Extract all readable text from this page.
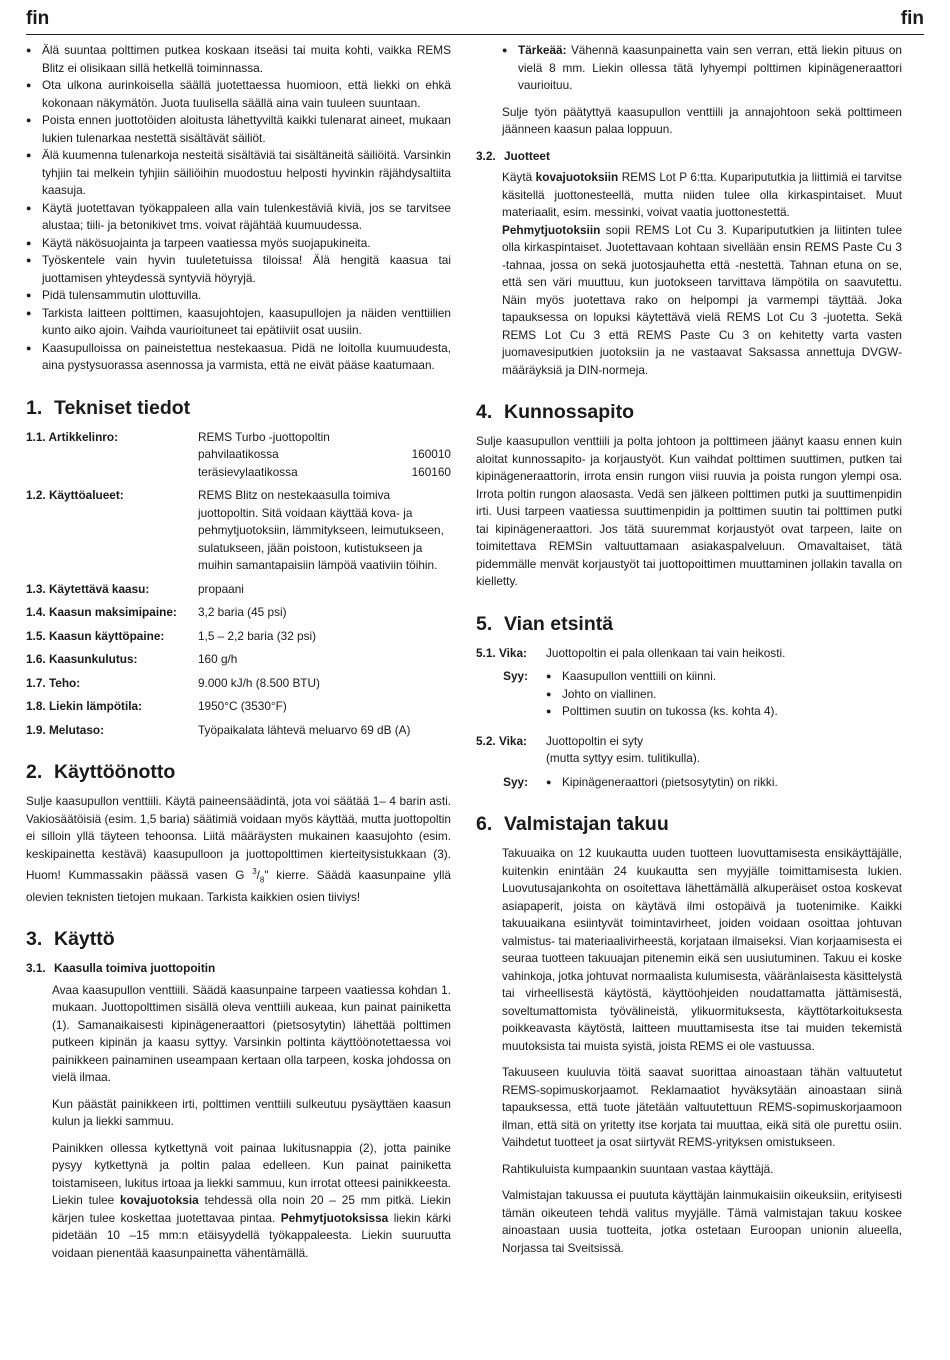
fin	fin

● Älä suuntaa polttimen putkea koskaan itseäsi tai muita kohti, vaikka REMS Blitz ei olisikaan sillä hetkellä toiminnassa.

● Ota ulkona aurinkoisella säällä juotettaessa huomioon, että liekki on ehkä kokonaan näkymätön. Juota tuulisella säällä aina vain tuuleen suuntaan.

● Poista ennen juottotöiden aloitusta lähettyviltä kaikki tulenarat aineet, mukaan lukien tulenarkaa nestettä sisältävät säiliöt.

● Älä kuumenna tulenarkoja nesteitä sisältäviä tai sisältäneitä säiliöitä. Varsinkin tyhjiin tai melkein tyhjiin säiliöihin muodostuu helposti hyvinkin räjähdysaltiita kaasuja.

● Käytä juotettavan työkappaleen alla vain tulenkestäviä kiviä, jos se tarvitsee alustaa; tiili- ja betonikivet tms. voivat räjähtää kuumuudessa.

● Käytä näkösuojainta ja tarpeen vaatiessa myös suojapukineita.

● Työskentele vain hyvin tuuletetuissa tiloissa! Älä hengitä kaasua tai juottamisen yhteydessä syntyviä höyryjä.

● Pidä tulensammutin ulottuvilla.

● Tarkista laitteen polttimen, kaasujohtojen, kaasupullojen ja näiden venttiilien kunto aiko ajoin. Vaihda vaurioituneet tai epätiiviit osat uusiin.

● Kaasupulloissa on paineistettua nestekaasua. Pidä ne loitolla kuumuudesta, aina pystysuorassa asennossa ja varmista, että ne eivät pääse kaatumaan.

1. Tekniset tiedot
1.1. Artikkelinro:	REMS Turbo -juottopoltin
pahvilaatikossa	160010
teräsievylaatikossa	160160
1.2. Käyttöalueet:	REMS Blitz on nestekaasulla toimiva juottopoltin. Sitä voidaan käyttää kova- ja pehmytjuotoksiin, lämmitykseen, leimutukseen, sulatukseen, jään poistoon, kutistukseen ja muihin samantapaisiin lämpöä vaativiin töihin.
1.3. Käytettävä kaasu:	propaani
1.4. Kaasun maksimipaine:	3,2 baria (45 psi)
1.5. Kaasun käyttöpaine:	1,5 – 2,2 baria (32 psi)
1.6. Kaasunkulutus:	160 g/h
1.7. Teho:	9.000 kJ/h (8.500 BTU)
1.8. Liekin lämpötila:	1950°C (3530°F)
1.9. Melutaso:	Työpaikalata lähtevä meluarvo 69 dB (A)
2. Käyttöönotto

Sulje kaasupullon venttiili. Käytä paineensäädintä, jota voi säätää 1– 4 barin asti. Vakiosäätöisiä (esim. 1,5 baria) säätimiä voidaan myös käyttää, mutta juottopoltin ei silloin yllä täyteen tehoonsa. Liitä määräysten mukainen kaasujohto (esim. keskipainetta kestävä) kaasupulloon ja juottopolttimen kierteitysistukkaan (3). Huom! Kummassakin päässä vasen G $^3/_8$" kierre. Säädä kaasunpaine yllä olevien teknisten tietojen mukaan. Tarkista kaikkien osien tiiviys!

3. Käyttö
3.1. Kaasulla toimiva juottopoitin

Avaa kaasupullon venttiili. Säädä kaasunpaine tarpeen vaatiessa kohdan 1. mukaan. Juottopolttimen sisällä oleva venttiili aukeaa, kun painat painiketta (1). Samanaikaisesti kipinägeneraattori (pietsosytytin) lähettää polttimen putkeen kipinän ja kaasu syttyy. Varsinkin poltinta käyttöönotettaessa voi painikkeen painaminen useampaan kertaan olla tarpeen, koska johdossa on vielä ilmaa.

Kun päästät painikkeen irti, polttimen venttiili sulkeutuu pysäyttäen kaasun kulun ja liekki sammuu.

Painikken ollessa kytkettynä voit painaa lukitusnappia (2), jotta painike pysyy kytkettynä ja poltin palaa edelleen. Kun painat painiketta toistamiseen, lukitus irtoaa ja liekki sammuu, kun irrotat otteesi painikkeesta. Liekin tulee kovajuotoksia tehdessä olla noin 20 – 25 mm pitkä. Liekin kärjen tulee koskettaa juotettavaa pintaa. Pehmytjuotoksissa liekin kärki pidetään 10 –15 mm:n etäisyydellä työkappaleesta. Liekin suuruutta voidaan pienentää kaasunpainetta vähentämällä.

● Tärkeää: Vähennä kaasunpainetta vain sen verran, että liekin pituus on vielä 8 mm. Liekin ollessa tätä lyhyempi polttimen kipinägeneraattori vaurioituu.

Sulje työn päätyttyä kaasupullon venttiili ja annajohtoon sekä polttimeen jäänneen kaasun palaa loppuun.

3.2. Juotteet

Käytä kovajuotoksiin REMS Lot P 6:tta. Kuparipututkia ja liittimiä ei tarvitse käsitellä juottonesteellä, mutta niiden tulee olla kirkaspintaiset. Muut materiaalit, esim. messinki, voivat vaatia juottonestettä.

Pehmytjuotoksiin sopii REMS Lot Cu 3. Kuparipututkien ja liitinten tulee olla kirkaspintaiset. Juotettavaan kohtaan sivellään ensin REMS Paste Cu 3 -tahnaa, jossa on sekä juotosjauhetta että -nestettä. Tahnan etuna on se, että sen väri muuttuu, kun juotokseen tarvittava lämpötila on saavutettu. Näin myös juotettava rako on helpompi ja varmempi täyttää. Joka tapauksessa on lopuksi käytettävä vielä REMS Lot Cu 3 -juotetta. Sekä REMS Lot Cu 3 että REMS Paste Cu 3 on kehitetty varta vasten juomavesiputkien juotoksiin ja ne vastaavat Saksassa annettuja DVGW-määräyksiä ja DIN-normeja.

4. Kunnossapito

Sulje kaasupullon venttiili ja polta johtoon ja polttimeen jäänyt kaasu ennen kuin aloitat kunnossapito- ja korjaustyöt. Kun vaihdat polttimen suuttimen, putken tai kipinägeneraattorin, irrota ensin rungon viisi ruuvia ja poista rungon ylempi osa. Irrota poltin rungon alaosasta. Vedä sen jälkeen polttimen putki ja suuttimenpidin irti. Uusi tarpeen vaatiessa suuttimenpidin ja polttimen suutin tai polttimen putki tai kipinägeneraattori. Jos tätä suuremmat korjaustyöt ovat tarpeen, laite on toimitettava REMSin valtuuttamaan asiakaspalveluun. Omavaltaiset, tätä pidemmälle menvät korjaustyöt tai juottopoittimen muuttaminen jollakin tavalla on kielletty.

5. Vian etsintä
5.1. Vika:	Juottopoltin ei pala ollenkaan tai vain heikosti.
Syy:	● Kaasupullon venttiili on kiinni.
● Johto on viallinen.
● Polttimen suutin on tukossa (ks. kohta 4).
5.2. Vika:	Juottopoltin ei syty
(mutta syttyy esim. tulitikulla).
Syy:	● Kipinägeneraattori (pietsosytytin) on rikki.
6. Valmistajan takuu

Takuuaika on 12 kuukautta uuden tuotteen luovuttamisesta ensikäyttäjälle, kuitenkin enintään 24 kuukautta sen myyjälle toimittamisesta lukien. Luovutusajankohta on osoitettava lähettämällä alkuperäiset ostoa koskevat asiapaperit, joista on käytävä ilmi ostopäivä ja tuotenimike. Kaikki takuuaikana esiintyvät toimintavirheet, joiden voidaan osoittaa johtuvan valmistus- tai materiaalivirheestä, korjataan ilmaiseksi. Vian korjaamisesta ei seuraa tuotteen takuuajan pitenemin eikä sen uusiutuminen. Takuu ei koske vahinkoja, jotka johtuvat normaalista kulumisesta, vääränlaisesta käsittelystä tai virheellisestä käytöstä, käyttöohjeiden noudattamatta jättämisestä, soveltumattomista työvälineistä, ylikuormituksesta, käyttötarkoituksesta poikkeavasta käytöstä, laitteen muuttamisesta itse tai muiden tekemistä muutoksista tai muista syistä, joista REMS ei ole vastuussa.

Takuuseen kuuluvia töitä saavat suorittaa ainoastaan tähän valtuutetut REMS-sopimuskorjaamot. Reklamaatiot hyväksytään ainoastaan siinä tapauksessa, että tuote jätetään valtuutettuun REMS-sopimuskorjaamoon ilman, että sitä on yritetty itse korjata tai muuttaa, eikä sitä ole purettu osiin. Vaihdetut tuotteet ja osat siirtyvät REMS-yrityksen omistukseen.

Rahtikuluista kumpaankin suuntaan vastaa käyttäjä.

Valmistajan takuussa ei puututa käyttäjän lainmukaisiin oikeuksiin, erityisesti tämän oikeuteen tehdä valitus myyjälle. Tämä valmistajan takuu koskee ainoastaan uusia tuotteita, jotka ostetaan Euroopan unionin alueella, Norjassa tai Sveitsissä.
